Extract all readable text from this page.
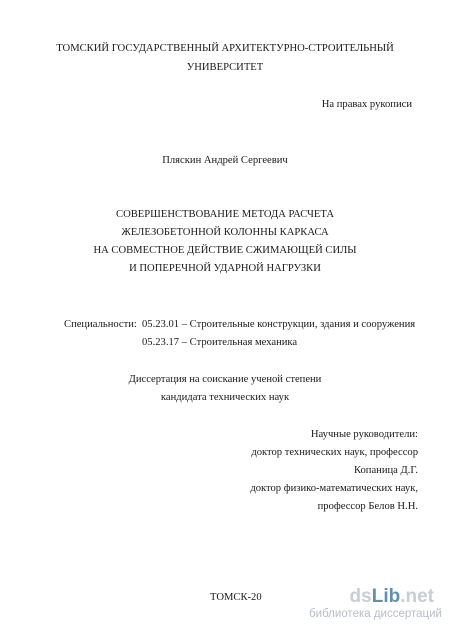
ТОМСКИЙ ГОСУДАРСТВЕННЫЙ АРХИТЕКТУРНО-СТРОИТЕЛЬНЫЙ
УНИВЕРСИТЕТ
На правах рукописи
Пляскин Андрей Сергеевич
СОВЕРШЕНСТВОВАНИЕ МЕТОДА РАСЧЕТА
ЖЕЛЕЗОБЕТОННОЙ КОЛОННЫ КАРКАСА
НА СОВМЕСТНОЕ ДЕЙСТВИЕ СЖИМАЮЩЕЙ СИЛЫ
И ПОПЕРЕЧНОЙ УДАРНОЙ НАГРУЗКИ
Специальности: 05.23.01 – Строительные конструкции, здания и сооружения
05.23.17 – Строительная механика
Диссертация на соискание ученой степени
кандидата технических наук
Научные руководители:
доктор технических наук, профессор
Копаница Д.Г.
доктор физико-математических наук,
профессор Белов Н.Н.
ТОМСК-20	dsLib.net
библиотека диссертаций
